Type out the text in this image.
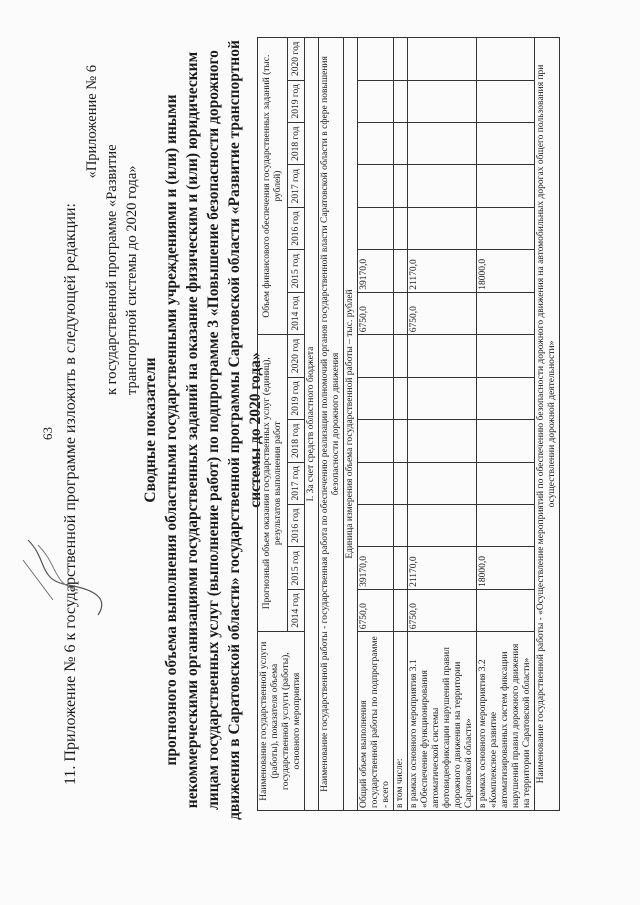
63 11. Приложение № 6 к государственной программе изложить в следующей редакции:
«Приложение № 6
к государственной программе «Развитие транспортной системы до 2020 года»
Сводные показатели прогнозного объема выполнения областными государственными учреждениями и (или) иными некоммерческими организациями государственных заданий на оказание физическим и (или) юридическим лицам государственных услуг (выполнение работ) по подпрограмме 3 «Повышение безопасности дорожного движения в Саратовской области» государственной программы Саратовской области «Развитие транспортной системы до 2020 года»
Наименование государственной услуги (работы), показателя объема государственной услуги (работы), основного мероприятия	Прогнозный объем оказания государственных услуг (единиц), результатов выполнения работ							Объем финансового обеспечения государственных заданий (тыс. рублей)						
	2014 год	2015 год	2016 год	2017 год	2018 год	2019 год	2020 год	2014 год	2015 год	2016 год	2017 год	2018 год	2019 год	2020 год
I. За счет средств областного бюджета														
Наименование государственной работы - государственная работа по обеспечению реализации полномочий органов государственной власти Саратовской области в сфере повышения безопасности дорожного движения														
Единица измерения объема государственной работы – тыс. рублей														
Общий объем выполнения государственной работы по подпрограмме - всего	6750,0	39170,0						6750,0	39170,0					
в том числе:														
в рамках основного мероприятия 3.1 «Обеспечение функционирования автоматической системы фотовидеофиксации нарушений правил дорожного движения на территории Саратовской области»	6750,0	21170,0						6750,0	21170,0					
в рамках основного мероприятия 3.2 «Комплексное развитие автоматизированных систем фиксации нарушений правил дорожного движения на территории Саратовской области»		18000,0							18000,0					
Наименование государственной работы - «Осуществление мероприятий по обеспечению безопасности дорожного движения на автомобильных дорогах общего пользования при осуществлении дорожной деятельности»														
